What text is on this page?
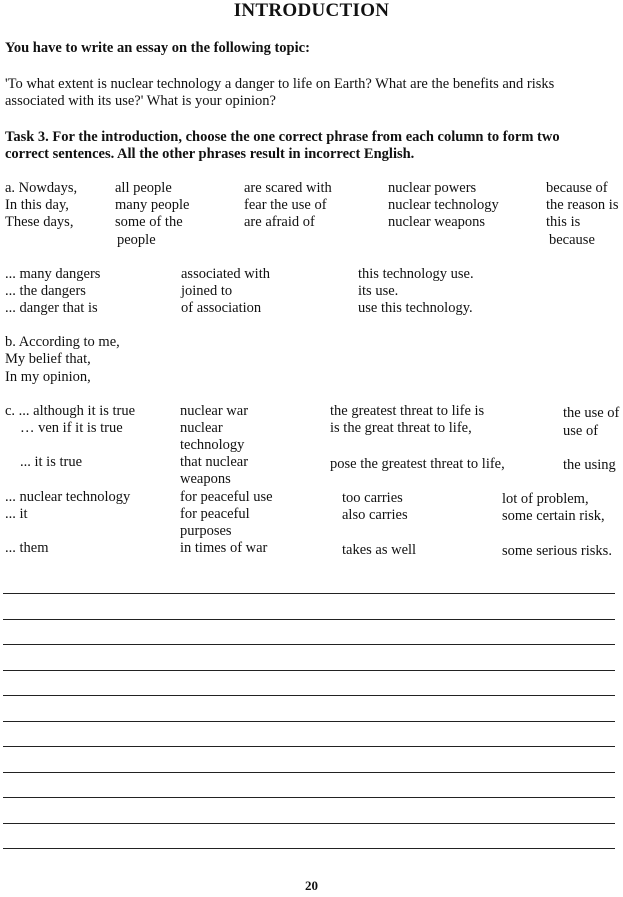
INTRODUCTION
You have to write an essay on the following topic:
'To what extent is nuclear technology a danger to life on Earth? What are the benefits and risks
associated with its use?' What is your opinion?
Task 3. For the introduction, choose the one correct phrase from each column to form two
correct sentences. All the other phrases result in incorrect English.
a. Nowdays,
In this day,
These days,
all people
many people
some of the
people
are scared with
fear the use of
are afraid of
nuclear powers
nuclear technology
nuclear weapons
because of
the reason is
this is
because
... many dangers
... the dangers
... danger that is
associated with
joined to
of association
this technology use.
its use.
use this technology.
b. According to me,
My belief that,
In my opinion,
c. ... although it is true
… ven if it is true
... it is true
... nuclear technology
... it
... them
nuclear war
nuclear
technology
that nuclear
weapons
for peaceful use
for peaceful
purposes
in times of war
the greatest threat to life is
is the great threat to life,
pose the greatest threat to life,
too carries
also carries
takes as well
the use of
use of
the using
lot of problem,
some certain risk,
some serious risks.
20
